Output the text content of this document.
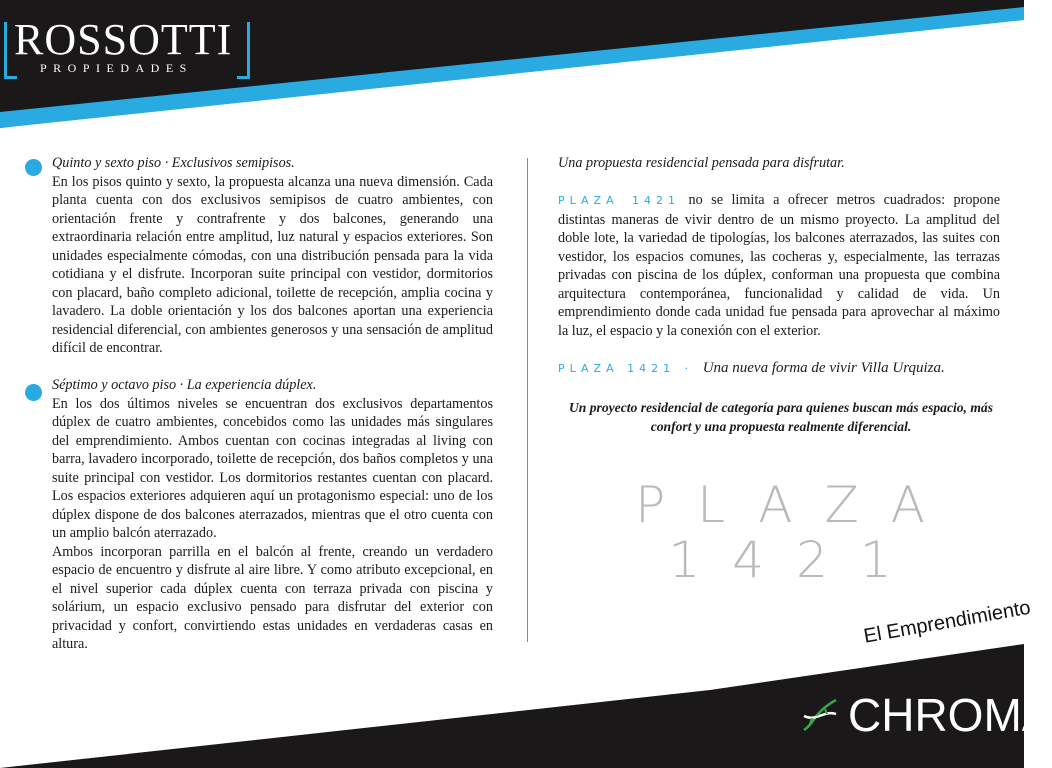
ROSSOTTI
PROPIEDADES

Quinto y sexto piso · Exclusivos semipisos.

En los pisos quinto y sexto, la propuesta alcanza una nueva dimensión. Cada planta cuenta con dos exclusivos semipisos de cuatro ambientes, con orientación frente y contrafrente y dos balcones, generando una extraordinaria relación entre amplitud, luz natural y espacios exteriores. Son unidades especialmente cómodas, con una distribución pensada para la vida cotidiana y el disfrute. Incorporan suite principal con vestidor, dormitorios con placard, baño completo adicional, toilette de recepción, amplia cocina y lavadero. La doble orientación y los dos balcones aportan una experiencia residencial diferencial, con ambientes generosos y una sensación de amplitud difícil de encontrar.

Séptimo y octavo piso · La experiencia dúplex.

En los dos últimos niveles se encuentran dos exclusivos departamentos dúplex de cuatro ambientes, concebidos como las unidades más singulares del emprendimiento. Ambos cuentan con cocinas integradas al living con barra, lavadero incorporado, toilette de recepción, dos baños completos y una suite principal con vestidor. Los dormitorios restantes cuentan con placard. Los espacios exteriores adquieren aquí un protagonismo especial: uno de los dúplex dispone de dos balcones aterrazados, mientras que el otro cuenta con un amplio balcón aterrazado.

Ambos incorporan parrilla en el balcón al frente, creando un verdadero espacio de encuentro y disfrute al aire libre. Y como atributo excepcional, en el nivel superior cada dúplex cuenta con terraza privada con piscina y solárium, un espacio exclusivo pensado para disfrutar del exterior con privacidad y confort, convirtiendo estas unidades en verdaderas casas en altura.

Una propuesta residencial pensada para disfrutar.

PLAZA 1421 no se limita a ofrecer metros cuadrados: propone distintas maneras de vivir dentro de un mismo proyecto. La amplitud del doble lote, la variedad de tipologías, los balcones aterrazados, las suites con vestidor, los espacios comunes, las cocheras y, especialmente, las terrazas privadas con piscina de los dúplex, conforman una propuesta que combina arquitectura contemporánea, funcionalidad y calidad de vida. Un emprendimiento donde cada unidad fue pensada para aprovechar al máximo la luz, el espacio y la conexión con el exterior.

PLAZA 1421 · Una nueva forma de vivir Villa Urquiza.

Un proyecto residencial de categoría para quienes buscan más espacio, más confort y una propuesta realmente diferencial.
PLAZA
1421
El Emprendimiento
CHROMA
